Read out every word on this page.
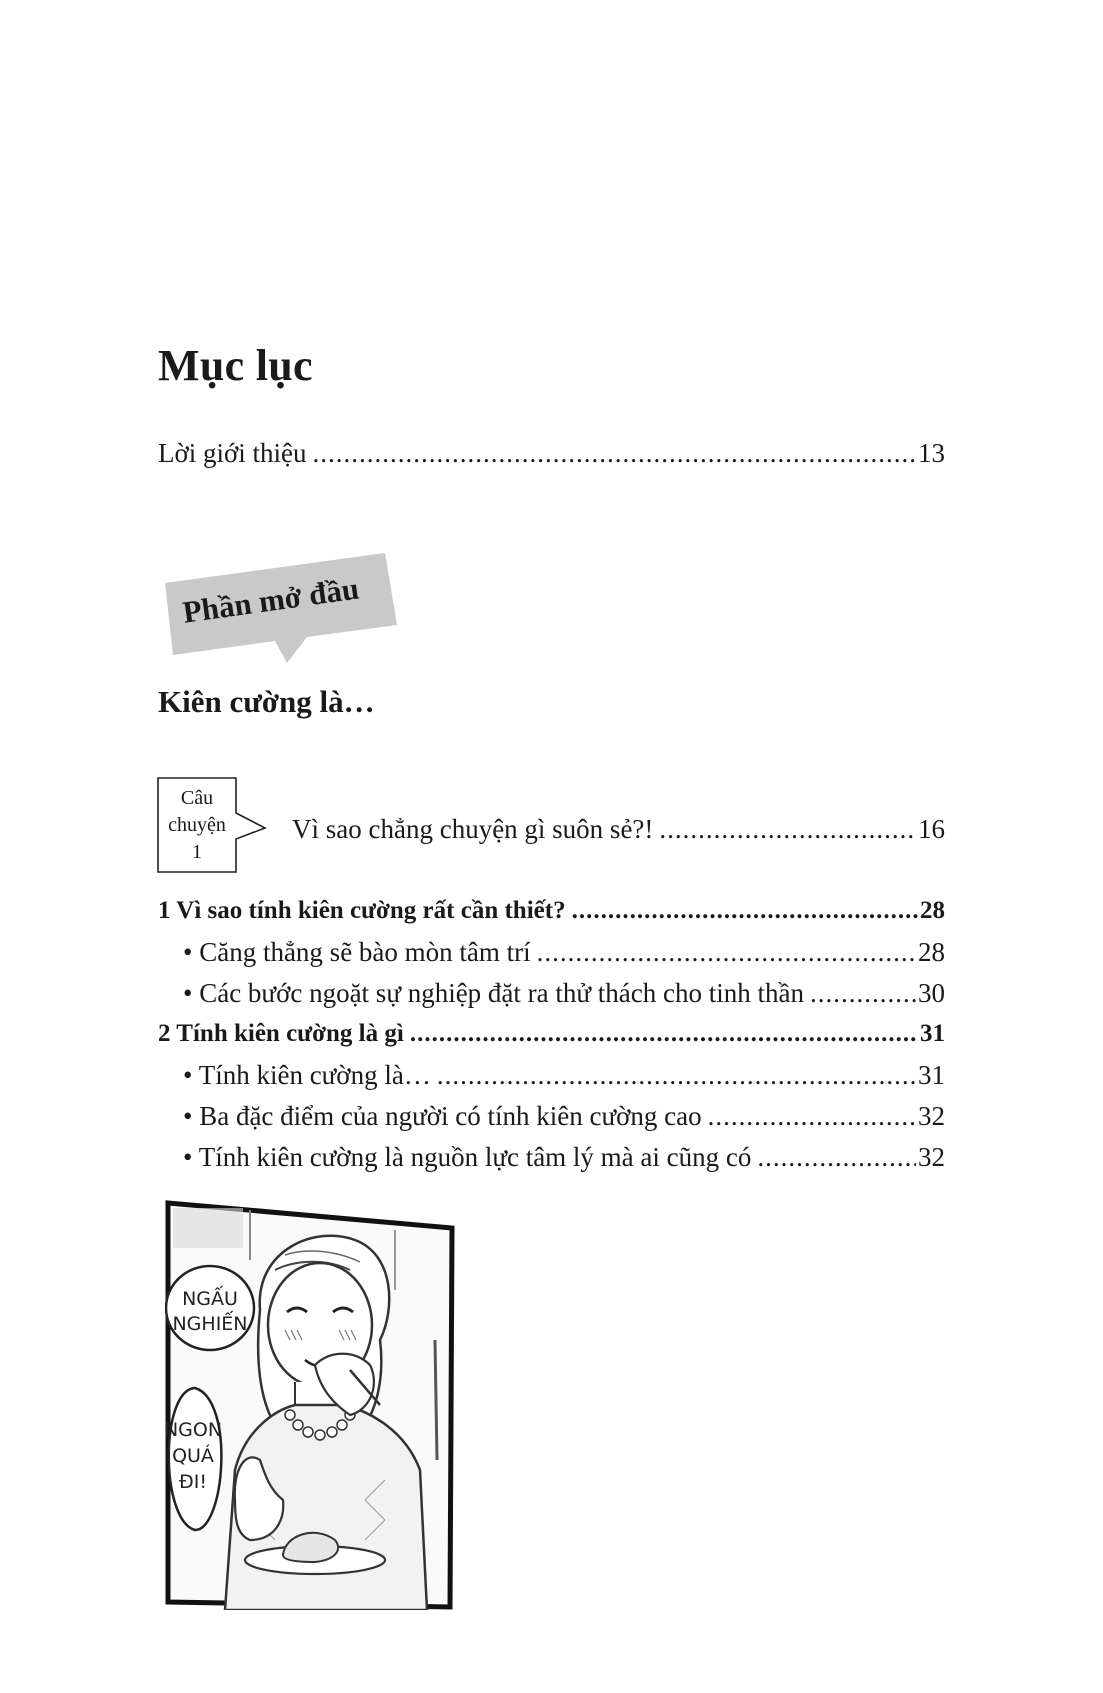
Mục lục
Lời giới thiệu .....	13
Phần mở đầu
Kiên cường là…
Câu
chuyện
1
Vì sao chẳng chuyện gì suôn sẻ?! .....	16
1 Vì sao tính kiên cường rất cần thiết? .....	28
• Căng thẳng sẽ bào mòn tâm trí .....	28
• Các bước ngoặt sự nghiệp đặt ra thử thách cho tinh thần .....	30
2 Tính kiên cường là gì .....	31
• Tính kiên cường là… .....	31
• Ba đặc điểm của người có tính kiên cường cao .....	32
• Tính kiên cường là nguồn lực tâm lý mà ai cũng có .....	32
NGẤU
NGHIẾN
NGON
QUÁ
ĐI!
